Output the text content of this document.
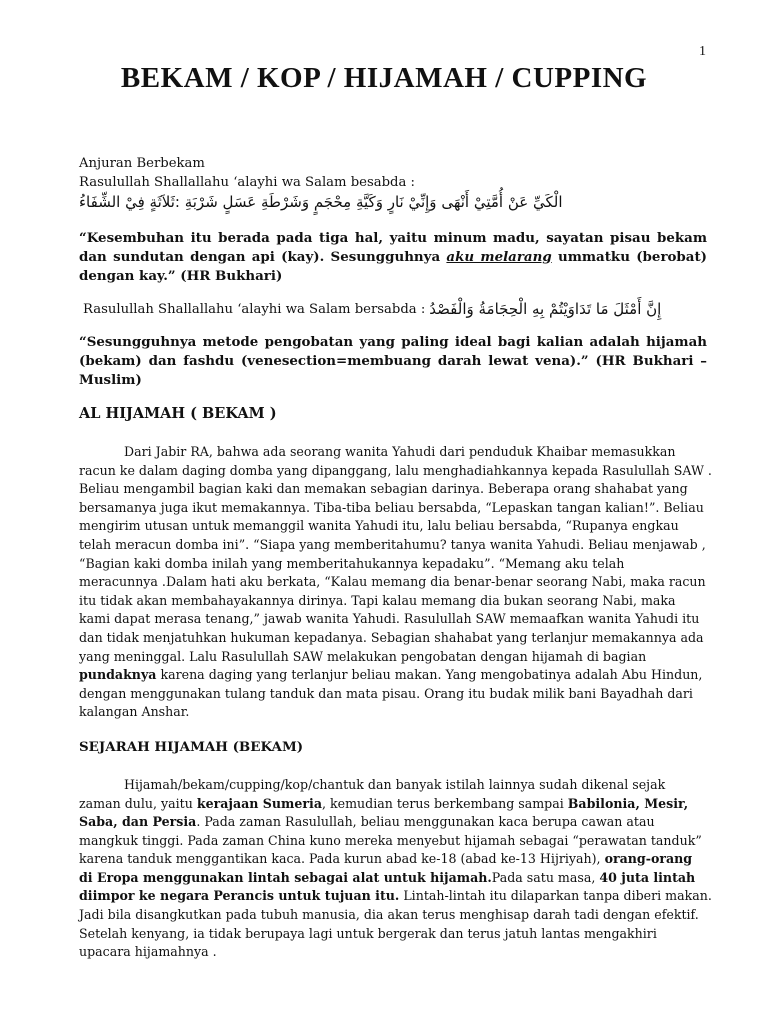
1
BEKAM / KOP / HIJAMAH / CUPPING
Anjuran Berbekam
Rasulullah Shallallahu ‘alayhi wa Salam besabda :
الْكَيِّ عَنْ أُمَّتِيْ أَنْهَى وَإِنِّيْ نَارٍ وَكَيَّةِ مِحْجَمٍ وَشَرْطَةِ عَسَلٍ شَرْبَةِ :ثَلاَثَةٍ فِيْ الشِّفَاءُ

“Kesembuhan itu berada pada tiga hal, yaitu minum madu, sayatan pisau bekam dan sundutan dengan api (kay). Sesungguhnya aku melarang ummatku (berobat) dengan kay.” (HR Bukhari)

Rasulullah Shallallahu ‘alayhi wa Salam bersabda : إِنَّ أَمْثَلَ مَا تَدَاوَيْتُمْ بِهِ الْحِجَامَةُ وَالْفَصْدُ

“Sesungguhnya metode pengobatan yang paling ideal bagi kalian adalah hijamah (bekam) dan fashdu (venesection=membuang darah lewat vena).” (HR Bukhari – Muslim)

AL HIJAMAH ( BEKAM )
Dari Jabir RA, bahwa ada seorang wanita Yahudi dari penduduk Khaibar memasukkan
racun ke dalam daging domba yang dipanggang, lalu menghadiahkannya kepada Rasulullah SAW .
Beliau mengambil bagian kaki dan memakan sebagian darinya. Beberapa orang shahabat yang
bersamanya juga ikut memakannya. Tiba-tiba beliau bersabda, “Lepaskan tangan kalian!”. Beliau
mengirim utusan untuk memanggil wanita Yahudi itu, lalu beliau bersabda, “Rupanya engkau
telah meracun domba ini”. “Siapa yang memberitahumu? tanya wanita Yahudi. Beliau menjawab ,
“Bagian kaki domba inilah yang memberitahukannya kepadaku”. “Memang aku telah
meracunnya .Dalam hati aku berkata, “Kalau memang dia benar-benar seorang Nabi, maka racun
itu tidak akan membahayakannya dirinya. Tapi kalau memang dia bukan seorang Nabi, maka
kami dapat merasa tenang,” jawab wanita Yahudi. Rasulullah SAW memaafkan wanita Yahudi itu
dan tidak menjatuhkan hukuman kepadanya. Sebagian shahabat yang terlanjur memakannya ada
yang meninggal. Lalu Rasulullah SAW melakukan pengobatan dengan hijamah di bagian
pundaknya karena daging yang terlanjur beliau makan. Yang mengobatinya adalah Abu Hindun,
dengan menggunakan tulang tanduk dan mata pisau. Orang itu budak milik bani Bayadhah dari
kalangan Anshar.
SEJARAH HIJAMAH (BEKAM)
Hijamah/bekam/cupping/kop/chantuk dan banyak istilah lainnya sudah dikenal sejak
zaman dulu, yaitu kerajaan Sumeria, kemudian terus berkembang sampai Babilonia, Mesir,
Saba, dan Persia. Pada zaman Rasulullah, beliau menggunakan kaca berupa cawan atau
mangkuk tinggi. Pada zaman China kuno mereka menyebut hijamah sebagai “perawatan tanduk”
karena tanduk menggantikan kaca. Pada kurun abad ke-18 (abad ke-13 Hijriyah), orang-orang
di Eropa menggunakan lintah sebagai alat untuk hijamah.Pada satu masa, 40 juta lintah
diimpor ke negara Perancis untuk tujuan itu. Lintah-lintah itu dilaparkan tanpa diberi makan.
Jadi bila disangkutkan pada tubuh manusia, dia akan terus menghisap darah tadi dengan efektif.
Setelah kenyang, ia tidak berupaya lagi untuk bergerak dan terus jatuh lantas mengakhiri
upacara hijamahnya .
